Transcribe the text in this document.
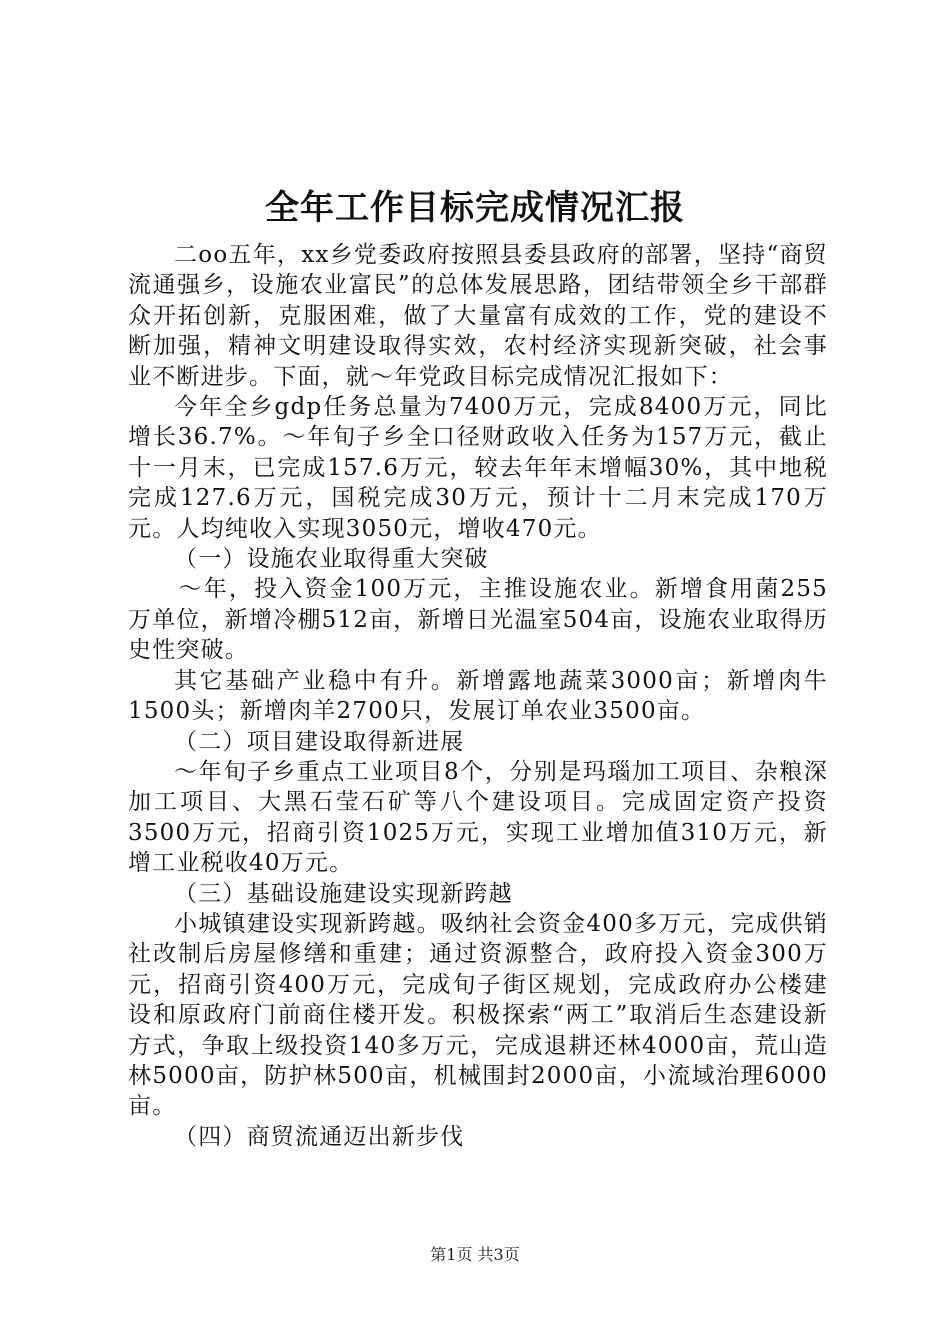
全年工作目标完成情况汇报

二oo五年，xx乡党委政府按照县委县政府的部署，坚持“商贸流通强乡，设施农业富民”的总体发展思路，团结带领全乡干部群众开拓创新，克服困难，做了大量富有成效的工作，党的建设不断加强，精神文明建设取得实效，农村经济实现新突破，社会事业不断进步。下面，就～年党政目标完成情况汇报如下：

今年全乡gdp任务总量为7400万元，完成8400万元，同比增长36.7%。～年旬子乡全口径财政收入任务为157万元，截止十一月末，已完成157.6万元，较去年年末增幅30%，其中地税完成127.6万元，国税完成30万元，预计十二月末完成170万元。人均纯收入实现3050元，增收470元。

（一）设施农业取得重大突破

～年，投入资金100万元，主推设施农业。新增食用菌255万单位，新增冷棚512亩，新增日光温室504亩，设施农业取得历史性突破。

其它基础产业稳中有升。新增露地蔬菜3000亩；新增肉牛1500头；新增肉羊2700只，发展订单农业3500亩。

（二）项目建设取得新进展

～年旬子乡重点工业项目8个，分别是玛瑙加工项目、杂粮深加工项目、大黑石莹石矿等八个建设项目。完成固定资产投资3500万元，招商引资1025万元，实现工业增加值310万元，新增工业税收40万元。

（三）基础设施建设实现新跨越

小城镇建设实现新跨越。吸纳社会资金400多万元，完成供销社改制后房屋修缮和重建；通过资源整合，政府投入资金300万元，招商引资400万元，完成旬子街区规划，完成政府办公楼建设和原政府门前商住楼开发。积极探索“两工”取消后生态建设新方式，争取上级投资140多万元，完成退耕还林4000亩，荒山造林5000亩，防护林500亩，机械围封2000亩，小流域治理6000亩。

（四）商贸流通迈出新步伐

第1页 共3页
